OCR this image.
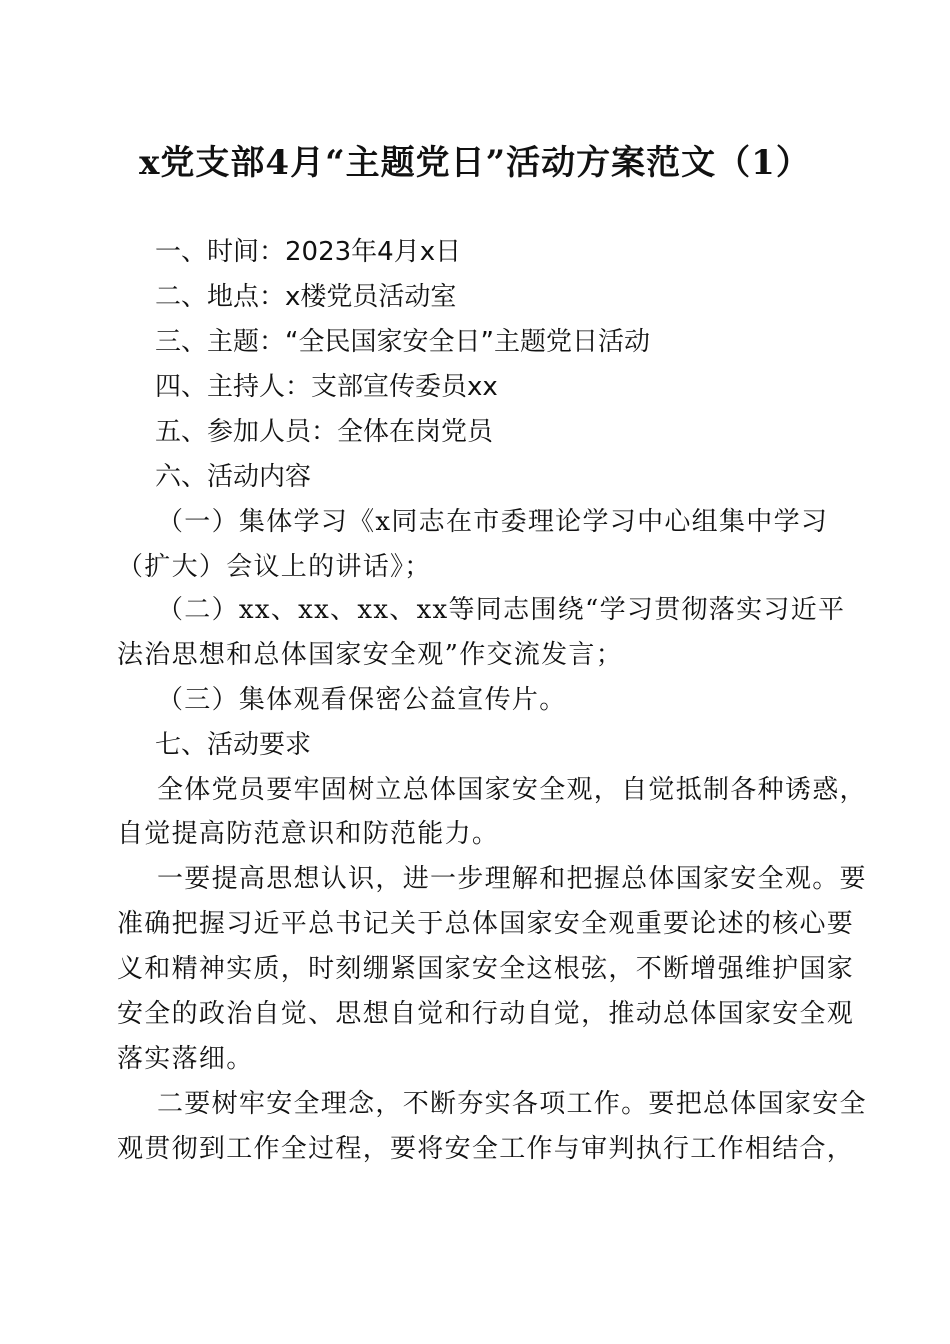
x党支部4月“主题党日”活动方案范文（1）
一、时间：2023年4月x日
二、地点：x楼党员活动室
三、主题：“全民国家安全日”主题党日活动
四、主持人：支部宣传委员xx
五、参加人员：全体在岗党员
六、活动内容
（一）集体学习《x同志在市委理论学习中心组集中学习
（扩大）会议上的讲话》；
（二）xx、xx、xx、xx等同志围绕“学习贯彻落实习近平
法治思想和总体国家安全观”作交流发言；
（三）集体观看保密公益宣传片。
七、活动要求
全体党员要牢固树立总体国家安全观，自觉抵制各种诱惑，
自觉提高防范意识和防范能力。
一要提高思想认识，进一步理解和把握总体国家安全观。要
准确把握习近平总书记关于总体国家安全观重要论述的核心要
义和精神实质，时刻绷紧国家安全这根弦，不断增强维护国家
安全的政治自觉、思想自觉和行动自觉，推动总体国家安全观
落实落细。
二要树牢安全理念，不断夯实各项工作。要把总体国家安全
观贯彻到工作全过程，要将安全工作与审判执行工作相结合，
